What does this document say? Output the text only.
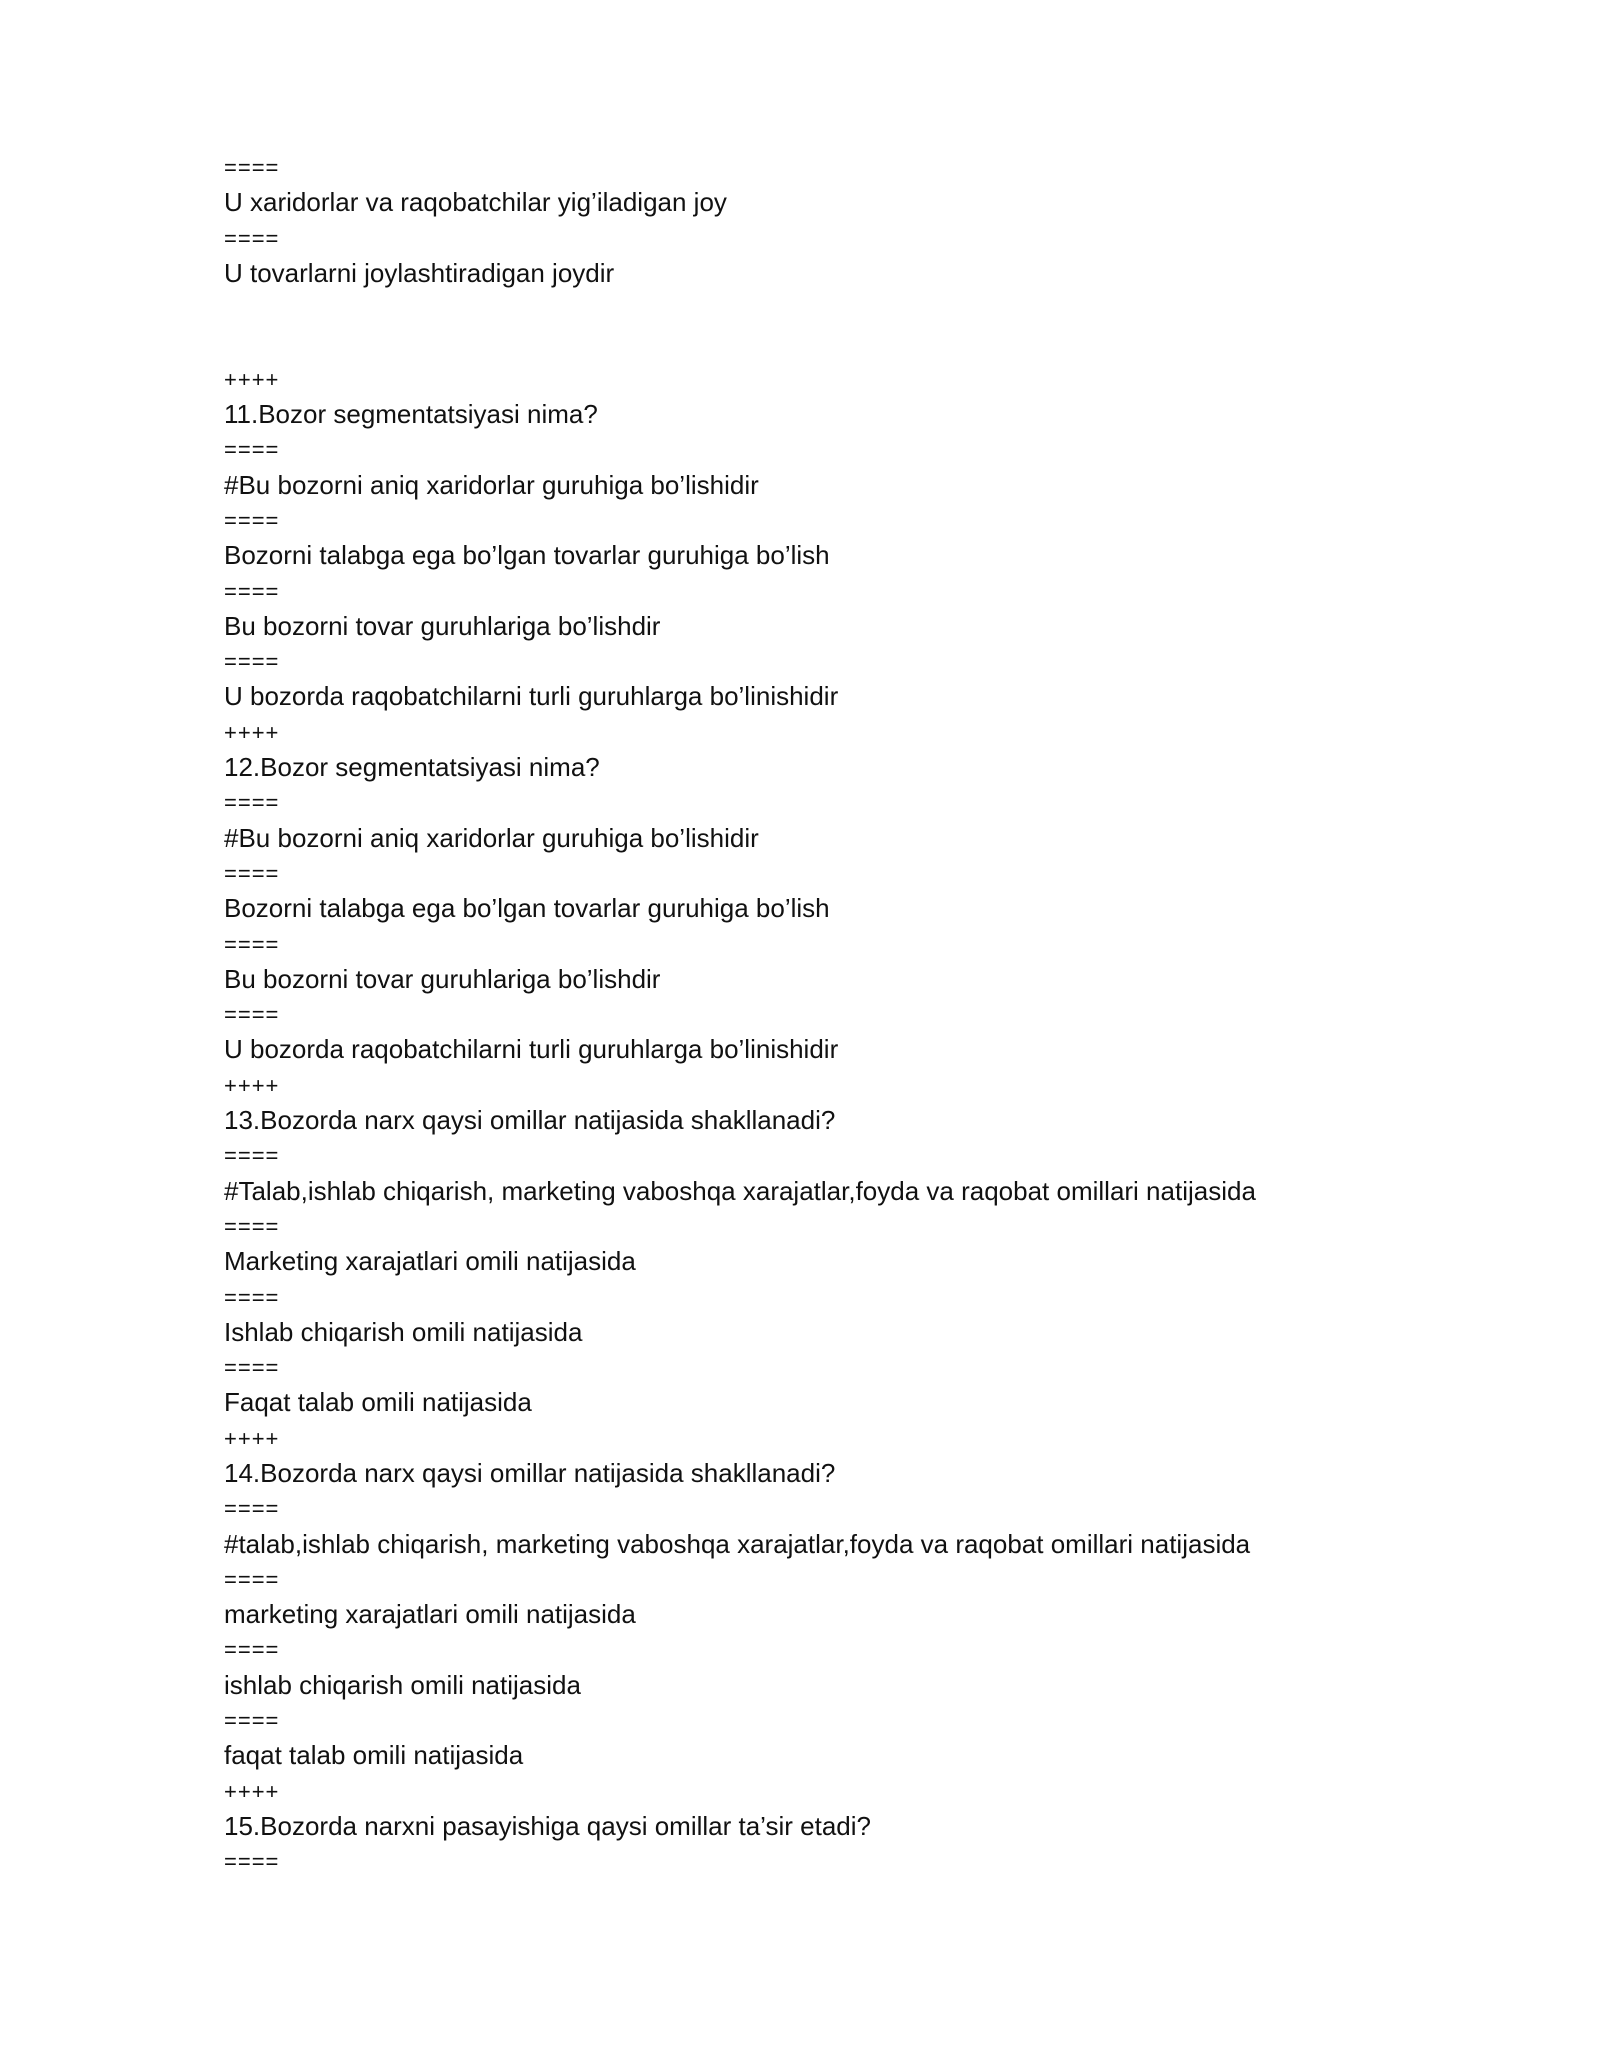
====
U xaridorlar va raqobatchilar yig’iladigan joy
====
U tovarlarni joylashtiradigan joydir
++++
11.Bozor segmentatsiyasi nima?
====
#Bu bozorni aniq xaridorlar guruhiga bo’lishidir
====
Bozorni talabga ega bo’lgan tovarlar guruhiga bo’lish
====
Bu bozorni tovar guruhlariga bo’lishdir
====
U bozorda raqobatchilarni turli guruhlarga bo’linishidir
++++
12.Bozor segmentatsiyasi nima?
====
#Bu bozorni aniq xaridorlar guruhiga bo’lishidir
====
Bozorni talabga ega bo’lgan tovarlar guruhiga bo’lish
====
Bu bozorni tovar guruhlariga bo’lishdir
====
U bozorda raqobatchilarni turli guruhlarga bo’linishidir
++++
13.Bozorda narx qaysi omillar natijasida shakllanadi?
====
#Talab,ishlab chiqarish, marketing vaboshqa xarajatlar,foyda va raqobat omillari natijasida
====
Marketing xarajatlari omili natijasida
====
Ishlab chiqarish omili natijasida
====
Faqat talab omili natijasida
++++
14.Bozorda narx qaysi omillar natijasida shakllanadi?
====
#talab,ishlab chiqarish, marketing vaboshqa xarajatlar,foyda va raqobat omillari natijasida
====
marketing xarajatlari omili natijasida
====
ishlab chiqarish omili natijasida
====
faqat talab omili natijasida
++++
15.Bozorda narxni pasayishiga qaysi omillar ta’sir etadi?
====
